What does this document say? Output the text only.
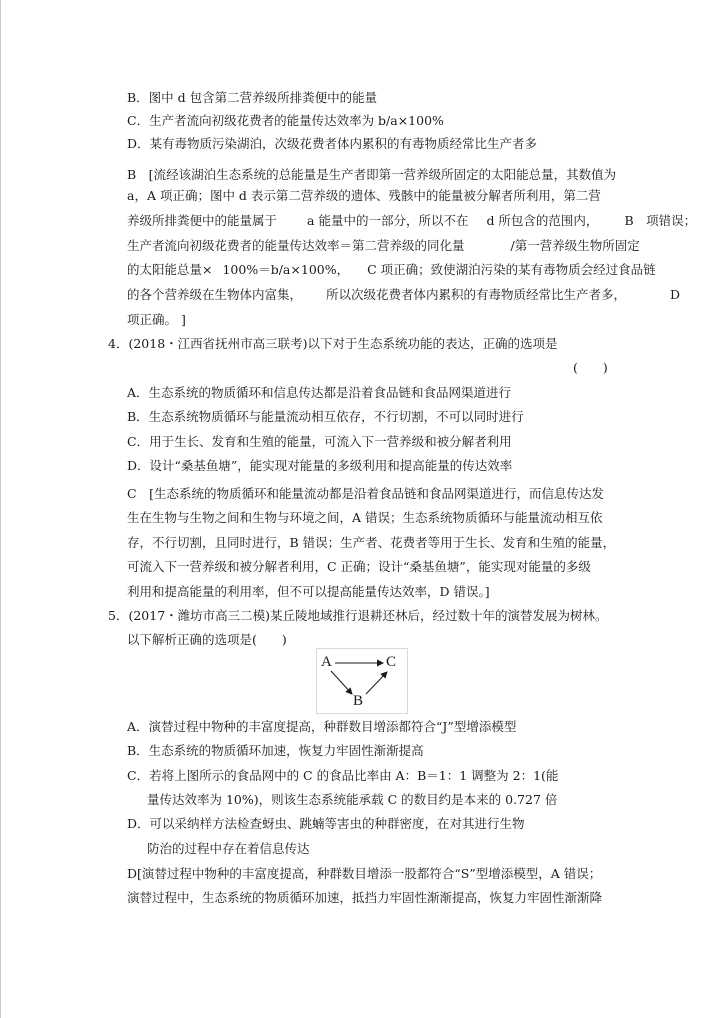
B．图中 d 包含第二营养级所排粪便中的能量
C．生产者流向初级花费者的能量传达效率为 b/a×100%
D．某有毒物质污染湖泊，次级花费者体内累积的有毒物质经常比生产者多
B　[流经该湖泊生态系统的总能量是生产者即第一营养级所固定的太阳能总量，其数值为
a，A 项正确；图中 d 表示第二营养级的遗体、残骸中的能量被分解者所利用，第二营
养级所排粪便中的能量属于 a 能量中的一部分，所以不在 d 所包含的范围内， B　项错误；
生产者流向初级花费者的能量传达效率＝第二营养级的同化量	/第一营养级生物所固定
的太阳能总量× 100%＝b/a×100%， C 项正确；致使湖泊污染的某有毒物质会经过食品链
的各个营养级在生物体内富集， 所以次级花费者体内累积的有毒物质经常比生产者多，	D
项正确。 ]
4．(2018・江西省抚州市高三联考)以下对于生态系统功能的表达，正确的选项是
(　　)
A．生态系统的物质循环和信息传达都是沿着食品链和食品网渠道进行
B．生态系统物质循环与能量流动相互依存，不行切割，不可以同时进行
C．用于生长、发育和生殖的能量，可流入下一营养级和被分解者利用
D．设计“桑基鱼塘”，能实现对能量的多级利用和提高能量的传达效率
C　[生态系统的物质循环和能量流动都是沿着食品链和食品网渠道进行，而信息传达发
生在生物与生物之间和生物与环境之间，A 错误；生态系统物质循环与能量流动相互依
存，不行切割，且同时进行，B 错误；生产者、花费者等用于生长、发育和生殖的能量，
可流入下一营养级和被分解者利用，C 正确；设计“桑基鱼塘”，能实现对能量的多级
利用和提高能量的利用率，但不可以提高能量传达效率，D 错误。]
5．(2017・潍坊市高三二模)某丘陵地域推行退耕还林后，经过数十年的演替发展为树林。
以下解析正确的选项是(　　)
A	C
B
A．演替过程中物种的丰富度提高，种群数目增添都符合“J”型增添模型
B．生态系统的物质循环加速，恢复力牢固性渐渐提高
C．若将上图所示的食品网中的 C 的食品比率由 A：B＝1：1 调整为 2：1(能
量传达效率为 10%)，则该生态系统能承载 C 的数目约是本来的 0.727 倍
D．可以采纳样方法检查蚜虫、跳蝻等害虫的种群密度，在对其进行生物
防治的过程中存在着信息传达
D[演替过程中物种的丰富度提高，种群数目增添一股都符合“S”型增添模型，A 错误；
演替过程中，生态系统的物质循环加速，抵挡力牢固性渐渐提高，恢复力牢固性渐渐降
